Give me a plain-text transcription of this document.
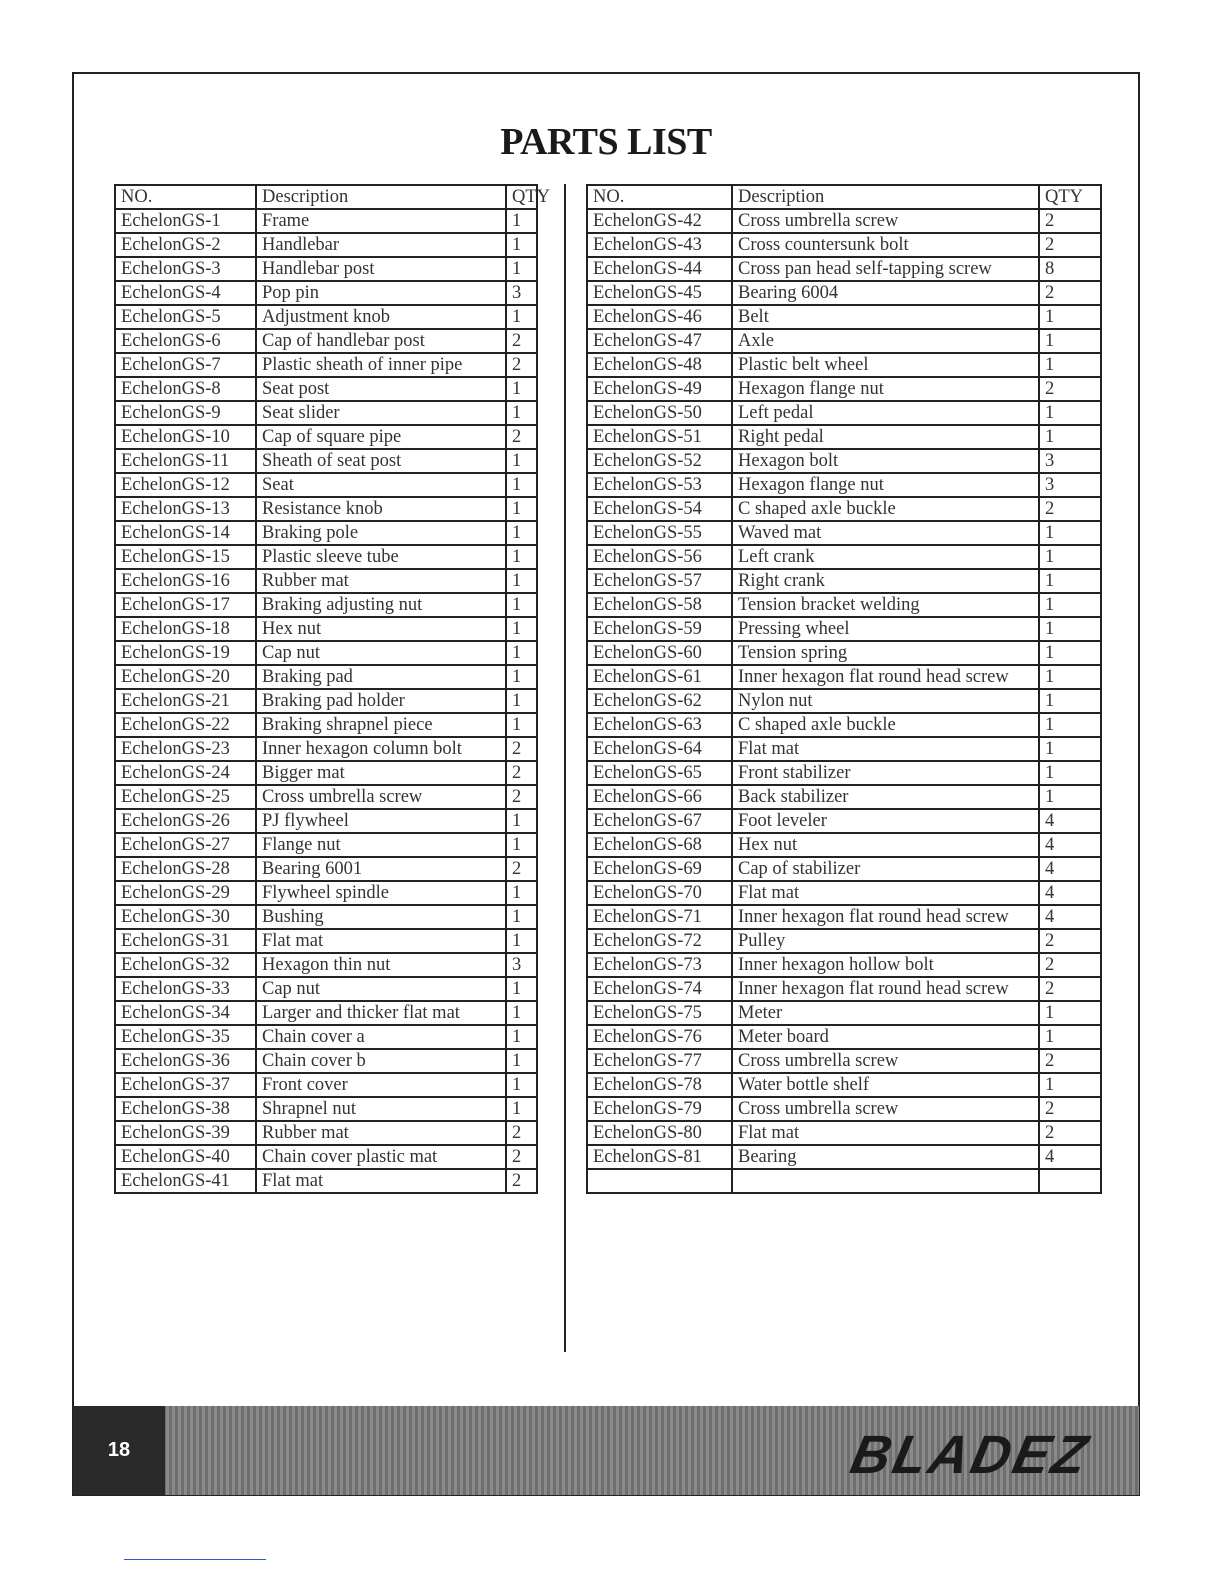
PARTS LIST
NO.	Description	QTY
EchelonGS-1	Frame	1
EchelonGS-2	Handlebar	1
EchelonGS-3	Handlebar post	1
EchelonGS-4	Pop pin	3
EchelonGS-5	Adjustment knob	1
EchelonGS-6	Cap of handlebar post	2
EchelonGS-7	Plastic sheath of inner pipe	2
EchelonGS-8	Seat post	1
EchelonGS-9	Seat slider	1
EchelonGS-10	Cap of square pipe	2
EchelonGS-11	Sheath of seat post	1
EchelonGS-12	Seat	1
EchelonGS-13	Resistance knob	1
EchelonGS-14	Braking pole	1
EchelonGS-15	Plastic sleeve tube	1
EchelonGS-16	Rubber mat	1
EchelonGS-17	Braking adjusting nut	1
EchelonGS-18	Hex nut	1
EchelonGS-19	Cap nut	1
EchelonGS-20	Braking pad	1
EchelonGS-21	Braking pad holder	1
EchelonGS-22	Braking shrapnel piece	1
EchelonGS-23	Inner hexagon column bolt	2
EchelonGS-24	Bigger mat	2
EchelonGS-25	Cross umbrella screw	2
EchelonGS-26	PJ flywheel	1
EchelonGS-27	Flange nut	1
EchelonGS-28	Bearing 6001	2
EchelonGS-29	Flywheel spindle	1
EchelonGS-30	Bushing	1
EchelonGS-31	Flat mat	1
EchelonGS-32	Hexagon thin nut	3
EchelonGS-33	Cap nut	1
EchelonGS-34	Larger and thicker flat mat	1
EchelonGS-35	Chain cover a	1
EchelonGS-36	Chain cover b	1
EchelonGS-37	Front cover	1
EchelonGS-38	Shrapnel nut	1
EchelonGS-39	Rubber mat	2
EchelonGS-40	Chain cover plastic mat	2
EchelonGS-41	Flat mat	2
NO.	Description	QTY
EchelonGS-42	Cross umbrella screw	2
EchelonGS-43	Cross countersunk bolt	2
EchelonGS-44	Cross pan head self-tapping screw	8
EchelonGS-45	Bearing 6004	2
EchelonGS-46	Belt	1
EchelonGS-47	Axle	1
EchelonGS-48	Plastic belt wheel	1
EchelonGS-49	Hexagon flange nut	2
EchelonGS-50	Left pedal	1
EchelonGS-51	Right pedal	1
EchelonGS-52	Hexagon bolt	3
EchelonGS-53	Hexagon flange nut	3
EchelonGS-54	C shaped axle buckle	2
EchelonGS-55	Waved mat	1
EchelonGS-56	Left crank	1
EchelonGS-57	Right crank	1
EchelonGS-58	Tension bracket welding	1
EchelonGS-59	Pressing wheel	1
EchelonGS-60	Tension spring	1
EchelonGS-61	Inner hexagon flat round head screw	1
EchelonGS-62	Nylon nut	1
EchelonGS-63	C shaped axle buckle	1
EchelonGS-64	Flat mat	1
EchelonGS-65	Front stabilizer	1
EchelonGS-66	Back stabilizer	1
EchelonGS-67	Foot leveler	4
EchelonGS-68	Hex nut	4
EchelonGS-69	Cap of stabilizer	4
EchelonGS-70	Flat mat	4
EchelonGS-71	Inner hexagon flat round head screw	4
EchelonGS-72	Pulley	2
EchelonGS-73	Inner hexagon hollow bolt	2
EchelonGS-74	Inner hexagon flat round head screw	2
EchelonGS-75	Meter	1
EchelonGS-76	Meter board	1
EchelonGS-77	Cross umbrella screw	2
EchelonGS-78	Water bottle shelf	1
EchelonGS-79	Cross umbrella screw	2
EchelonGS-80	Flat mat	2
EchelonGS-81	Bearing	4

18	BLADEZ
